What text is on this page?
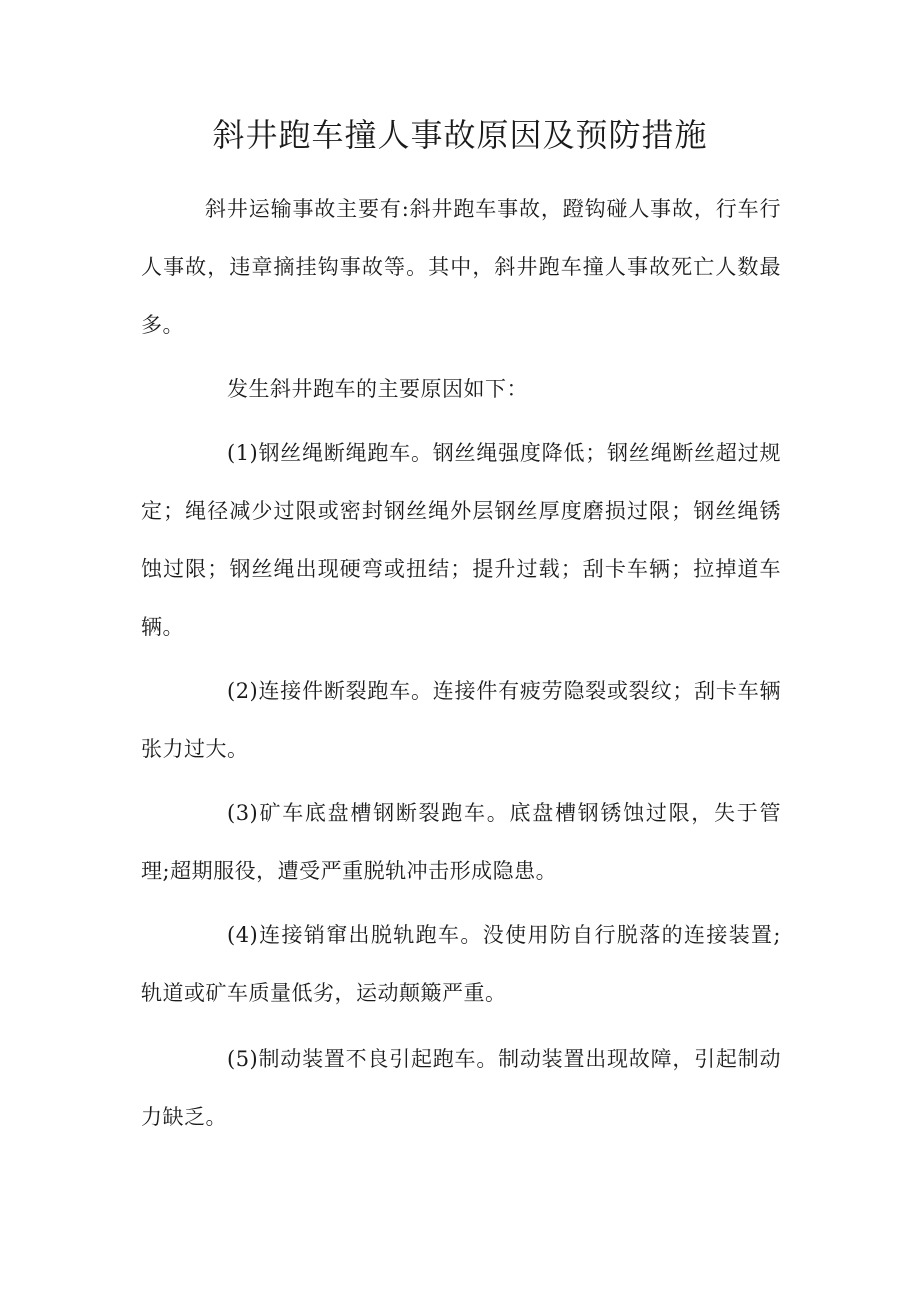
斜井跑车撞人事故原因及预防措施

斜井运输事故主要有:斜井跑车事故，蹬钩碰人事故，行车行人事故，违章摘挂钩事故等。其中，斜井跑车撞人事故死亡人数最多。

发生斜井跑车的主要原因如下：

(1)钢丝绳断绳跑车。钢丝绳强度降低；钢丝绳断丝超过规定；绳径减少过限或密封钢丝绳外层钢丝厚度磨损过限；钢丝绳锈蚀过限；钢丝绳出现硬弯或扭结；提升过载；刮卡车辆；拉掉道车辆。

(2)连接件断裂跑车。连接件有疲劳隐裂或裂纹；刮卡车辆张力过大。

(3)矿车底盘槽钢断裂跑车。底盘槽钢锈蚀过限，失于管理;超期服役，遭受严重脱轨冲击形成隐患。

(4)连接销窜出脱轨跑车。没使用防自行脱落的连接装置;轨道或矿车质量低劣，运动颠簸严重。

(5)制动装置不良引起跑车。制动装置出现故障，引起制动力缺乏。
